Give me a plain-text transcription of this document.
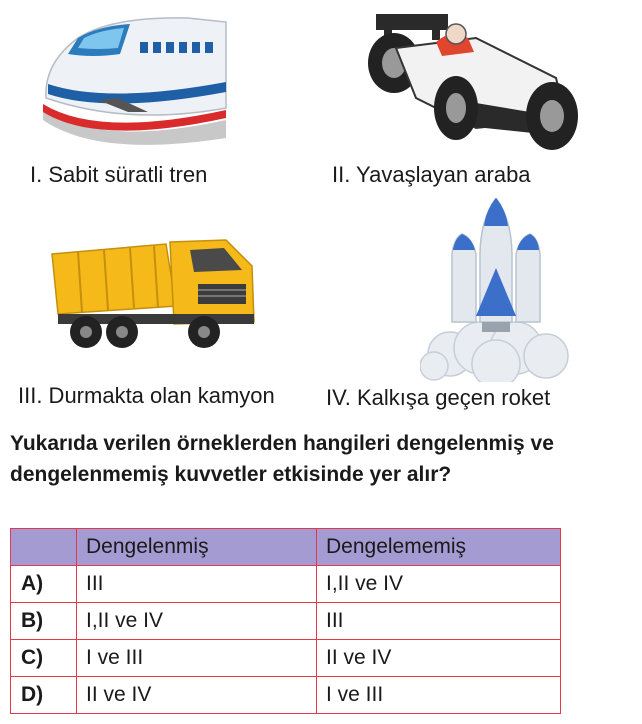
I. Sabit süratli tren	II. Yavaşlayan araba
III. Durmakta olan kamyon IV. Kalkışa geçen roket
Yukarıda verilen örneklerden hangileri dengelenmiş ve dengelenmemiş kuvvetler etkisinde yer alır?
	Dengelenmiş	Dengelememiş
A)	III	I,II ve IV
B)	I,II ve IV	III
C)	I ve III	II ve IV
D)	II ve IV	I ve III
